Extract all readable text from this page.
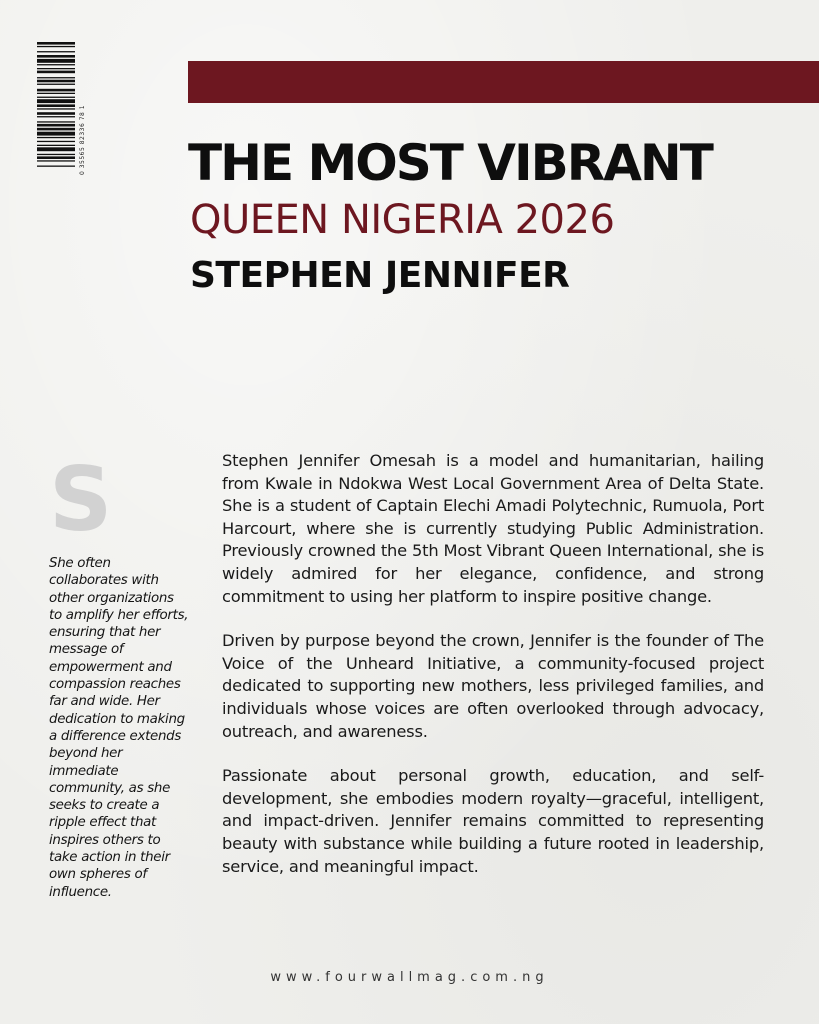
0 35565 82336 78 1 THE MOST VIBRANT
QUEEN NIGERIA 2026
STEPHEN JENNIFER
S

She often collaborates with other organizations to amplify her efforts, ensuring that her message of empowerment and compassion reaches far and wide. Her dedication to making a difference extends beyond her immediate community, as she seeks to create a ripple effect that inspires others to take action in their own spheres of influence.

Stephen Jennifer Omesah is a model and humanitarian, hailing from Kwale in Ndokwa West Local Government Area of Delta State. She is a student of Captain Elechi Amadi Polytechnic, Rumuola, Port Harcourt, where she is currently studying Public Administration. Previously crowned the 5th Most Vibrant Queen International, she is widely admired for her elegance, confidence, and strong commitment to using her platform to inspire positive change.

Driven by purpose beyond the crown, Jennifer is the founder of The Voice of the Unheard Initiative, a community-focused project dedicated to supporting new mothers, less privileged families, and individuals whose voices are often overlooked through advocacy, outreach, and awareness.

Passionate about personal growth, education, and self-development, she embodies modern royalty—graceful, intelligent, and impact-driven. Jennifer remains committed to representing beauty with substance while building a future rooted in leadership, service, and meaningful impact.

www.fourwallmag.com.ng
